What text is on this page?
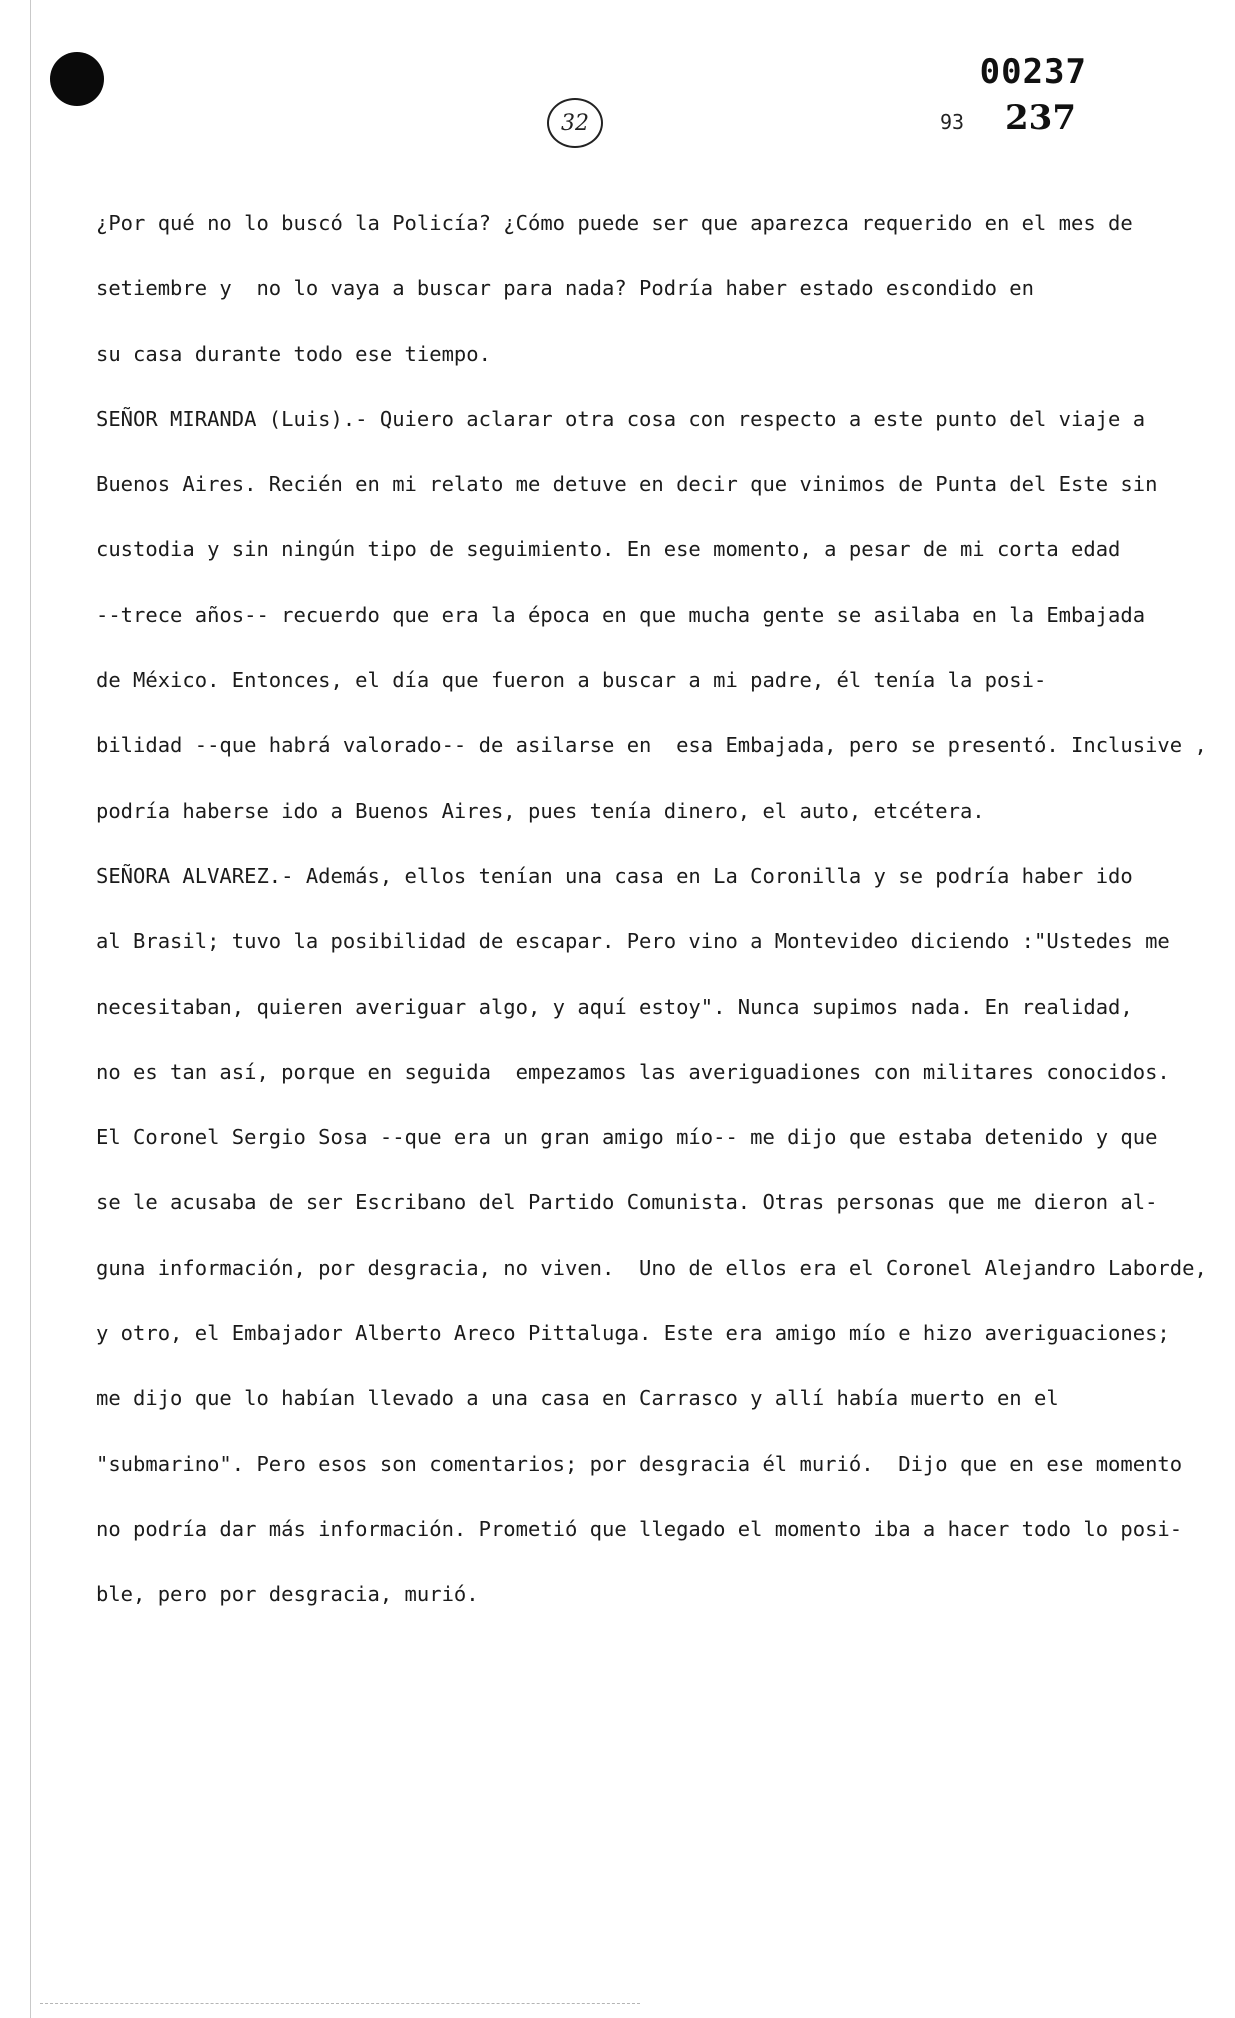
32
00237
93 237
¿Por qué no lo buscó la Policía? ¿Cómo puede ser que aparezca requerido en el mes de
setiembre y  no lo vaya a buscar para nada? Podría haber estado escondido en
su casa durante todo ese tiempo.
SEÑOR MIRANDA (Luis).- Quiero aclarar otra cosa con respecto a este punto del viaje a
Buenos Aires. Recién en mi relato me detuve en decir que vinimos de Punta del Este sin
custodia y sin ningún tipo de seguimiento. En ese momento, a pesar de mi corta edad
--trece años-- recuerdo que era la época en que mucha gente se asilaba en la Embajada
de México. Entonces, el día que fueron a buscar a mi padre, él tenía la posi-
bilidad --que habrá valorado-- de asilarse en  esa Embajada, pero se presentó. Inclusive ,
podría haberse ido a Buenos Aires, pues tenía dinero, el auto, etcétera.
SEÑORA ALVAREZ.- Además, ellos tenían una casa en La Coronilla y se podría haber ido
al Brasil; tuvo la posibilidad de escapar. Pero vino a Montevideo diciendo :"Ustedes me
necesitaban, quieren averiguar algo, y aquí estoy". Nunca supimos nada. En realidad,
no es tan así, porque en seguida  empezamos las averiguadiones con militares conocidos.
El Coronel Sergio Sosa --que era un gran amigo mío-- me dijo que estaba detenido y que
se le acusaba de ser Escribano del Partido Comunista. Otras personas que me dieron al-
guna información, por desgracia, no viven.  Uno de ellos era el Coronel Alejandro Laborde,
y otro, el Embajador Alberto Areco Pittaluga. Este era amigo mío e hizo averiguaciones;
me dijo que lo habían llevado a una casa en Carrasco y allí había muerto en el
"submarino". Pero esos son comentarios; por desgracia él murió.  Dijo que en ese momento
no podría dar más información. Prometió que llegado el momento iba a hacer todo lo posi-
ble, pero por desgracia, murió.
